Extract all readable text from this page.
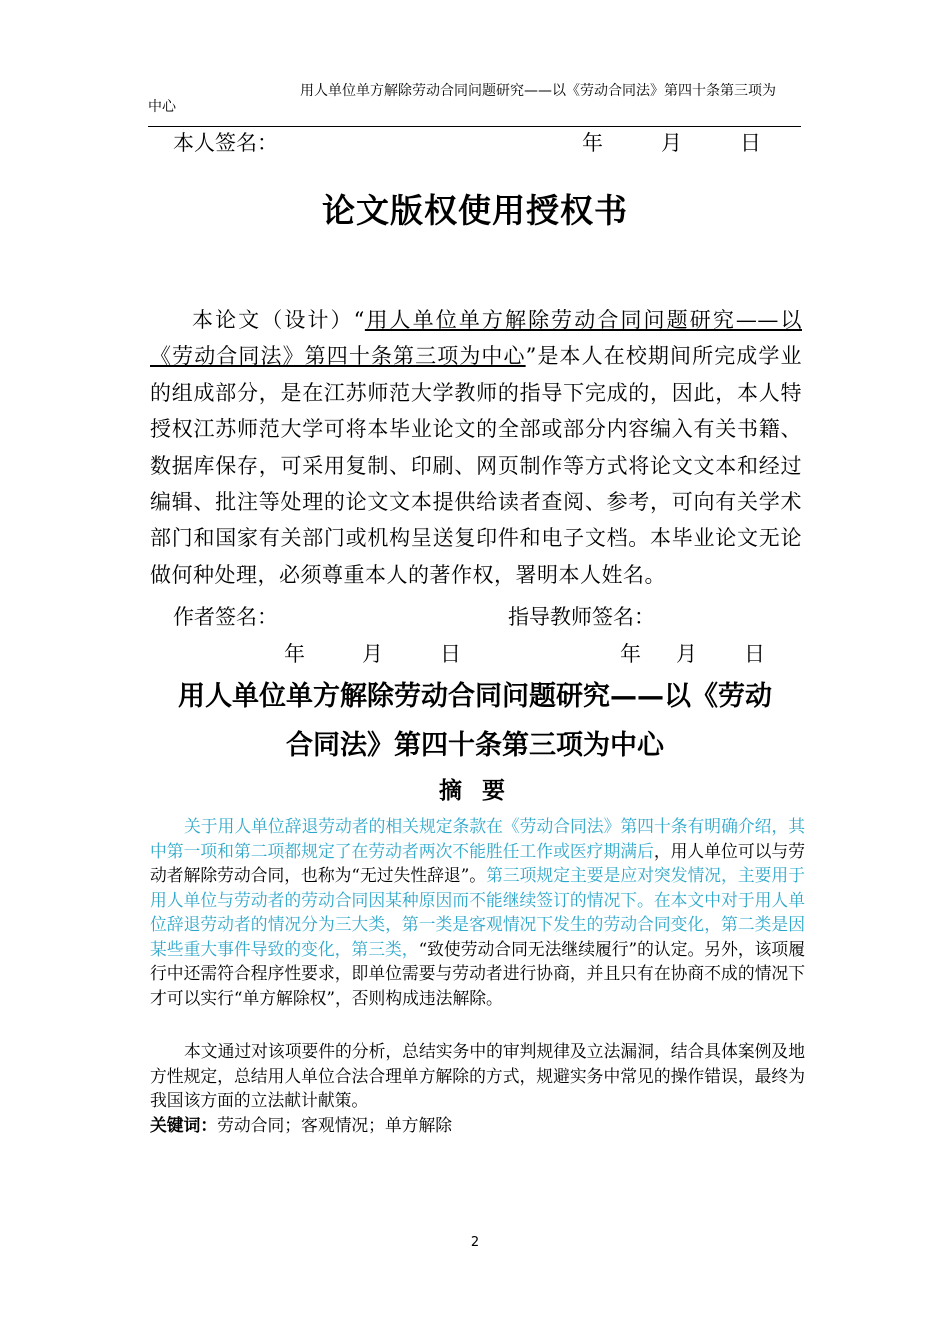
用人单位单方解除劳动合同问题研究——以《劳动合同法》第四十条第三项为
中心
本人签名：	年	月	日
论文版权使用授权书
本论文（设计）“用人单位单方解除劳动合同问题研究——以《劳动合同法》第四十条第三项为中心”是本人在校期间所完成学业的组成部分，是在江苏师范大学教师的指导下完成的，因此，本人特授权江苏师范大学可将本毕业论文的全部或部分内容编入有关书籍、数据库保存，可采用复制、印刷、网页制作等方式将论文文本和经过编辑、批注等处理的论文文本提供给读者查阅、参考，可向有关学术部门和国家有关部门或机构呈送复印件和电子文档。本毕业论文无论做何种处理，必须尊重本人的著作权，署明本人姓名。
作者签名：	指导教师签名：
年	月	日	年 月 日
用人单位单方解除劳动合同问题研究——以《劳动
合同法》第四十条第三项为中心
摘 要
关于用人单位辞退劳动者的相关规定条款在《劳动合同法》第四十条有明确介绍，其中第一项和第二项都规定了在劳动者两次不能胜任工作或医疗期满后，用人单位可以与劳动者解除劳动合同，也称为“无过失性辞退”。第三项规定主要是应对突发情况，主要用于用人单位与劳动者的劳动合同因某种原因而不能继续签订的情况下。在本文中对于用人单位辞退劳动者的情况分为三大类，第一类是客观情况下发生的劳动合同变化，第二类是因某些重大事件导致的变化，第三类，“致使劳动合同无法继续履行”的认定。另外，该项履行中还需符合程序性要求，即单位需要与劳动者进行协商，并且只有在协商不成的情况下才可以实行“单方解除权”，否则构成违法解除。
本文通过对该项要件的分析，总结实务中的审判规律及立法漏洞，结合具体案例及地方性规定，总结用人单位合法合理单方解除的方式，规避实务中常见的操作错误，最终为我国该方面的立法献计献策。
关键词：劳动合同；客观情况；单方解除
2
